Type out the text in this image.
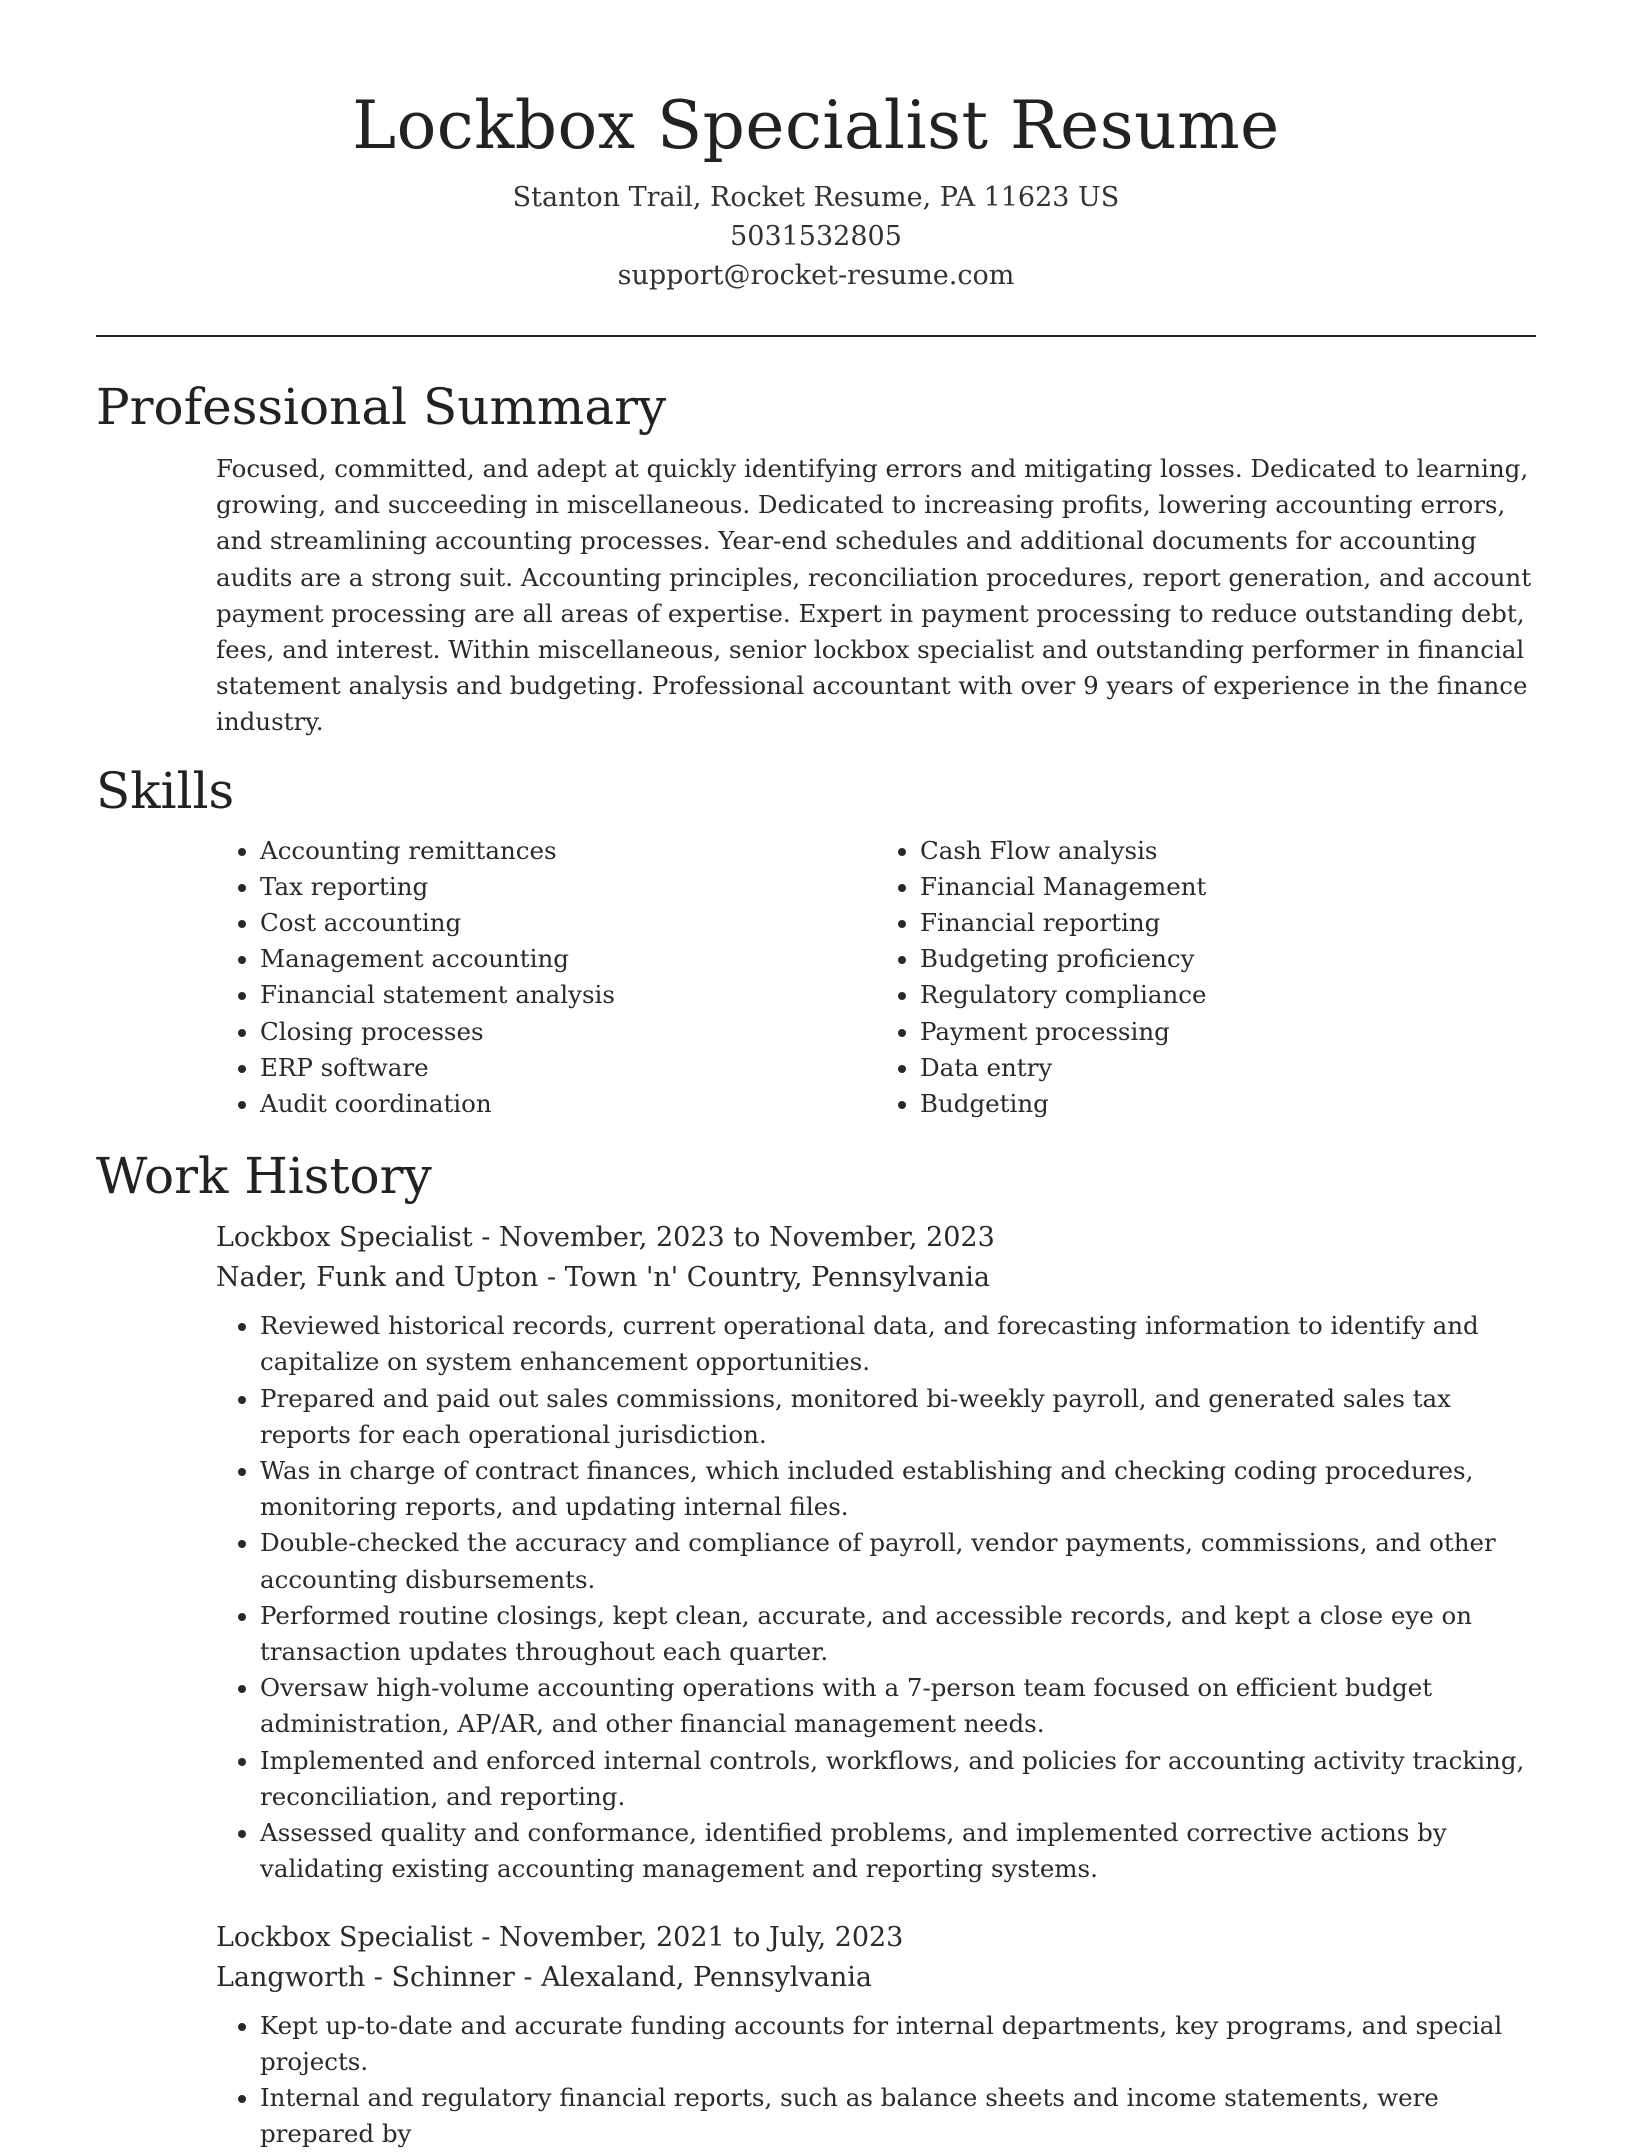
Lockbox Specialist Resume
Stanton Trail, Rocket Resume, PA 11623 US
5031532805
support@rocket-resume.com
Professional Summary
Focused, committed, and adept at quickly identifying errors and mitigating losses. Dedicated to learning, growing, and succeeding in miscellaneous. Dedicated to increasing profits, lowering accounting errors, and streamlining accounting processes. Year-end schedules and additional documents for accounting audits are a strong suit. Accounting principles, reconciliation procedures, report generation, and account payment processing are all areas of expertise. Expert in payment processing to reduce outstanding debt, fees, and interest. Within miscellaneous, senior lockbox specialist and outstanding performer in financial statement analysis and budgeting. Professional accountant with over 9 years of experience in the finance industry.
Skills
• Accounting remittances
• Tax reporting
• Cost accounting
• Management accounting
• Financial statement analysis
• Closing processes
• ERP software
• Audit coordination
• Cash Flow analysis
• Financial Management
• Financial reporting
• Budgeting proficiency
• Regulatory compliance
• Payment processing
• Data entry
• Budgeting
Work History
Lockbox Specialist - November, 2023 to November, 2023
Nader, Funk and Upton - Town 'n' Country, Pennsylvania
• Reviewed historical records, current operational data, and forecasting information to identify and capitalize on system enhancement opportunities.
• Prepared and paid out sales commissions, monitored bi-weekly payroll, and generated sales tax reports for each operational jurisdiction.
• Was in charge of contract finances, which included establishing and checking coding procedures, monitoring reports, and updating internal files.
• Double-checked the accuracy and compliance of payroll, vendor payments, commissions, and other accounting disbursements.
• Performed routine closings, kept clean, accurate, and accessible records, and kept a close eye on transaction updates throughout each quarter.
• Oversaw high-volume accounting operations with a 7-person team focused on efficient budget administration, AP/AR, and other financial management needs.
• Implemented and enforced internal controls, workflows, and policies for accounting activity tracking, reconciliation, and reporting.
• Assessed quality and conformance, identified problems, and implemented corrective actions by validating existing accounting management and reporting systems.
Lockbox Specialist - November, 2021 to July, 2023
Langworth - Schinner - Alexaland, Pennsylvania
• Kept up-to-date and accurate funding accounts for internal departments, key programs, and special projects.
• Internal and regulatory financial reports, such as balance sheets and income statements, were prepared by
